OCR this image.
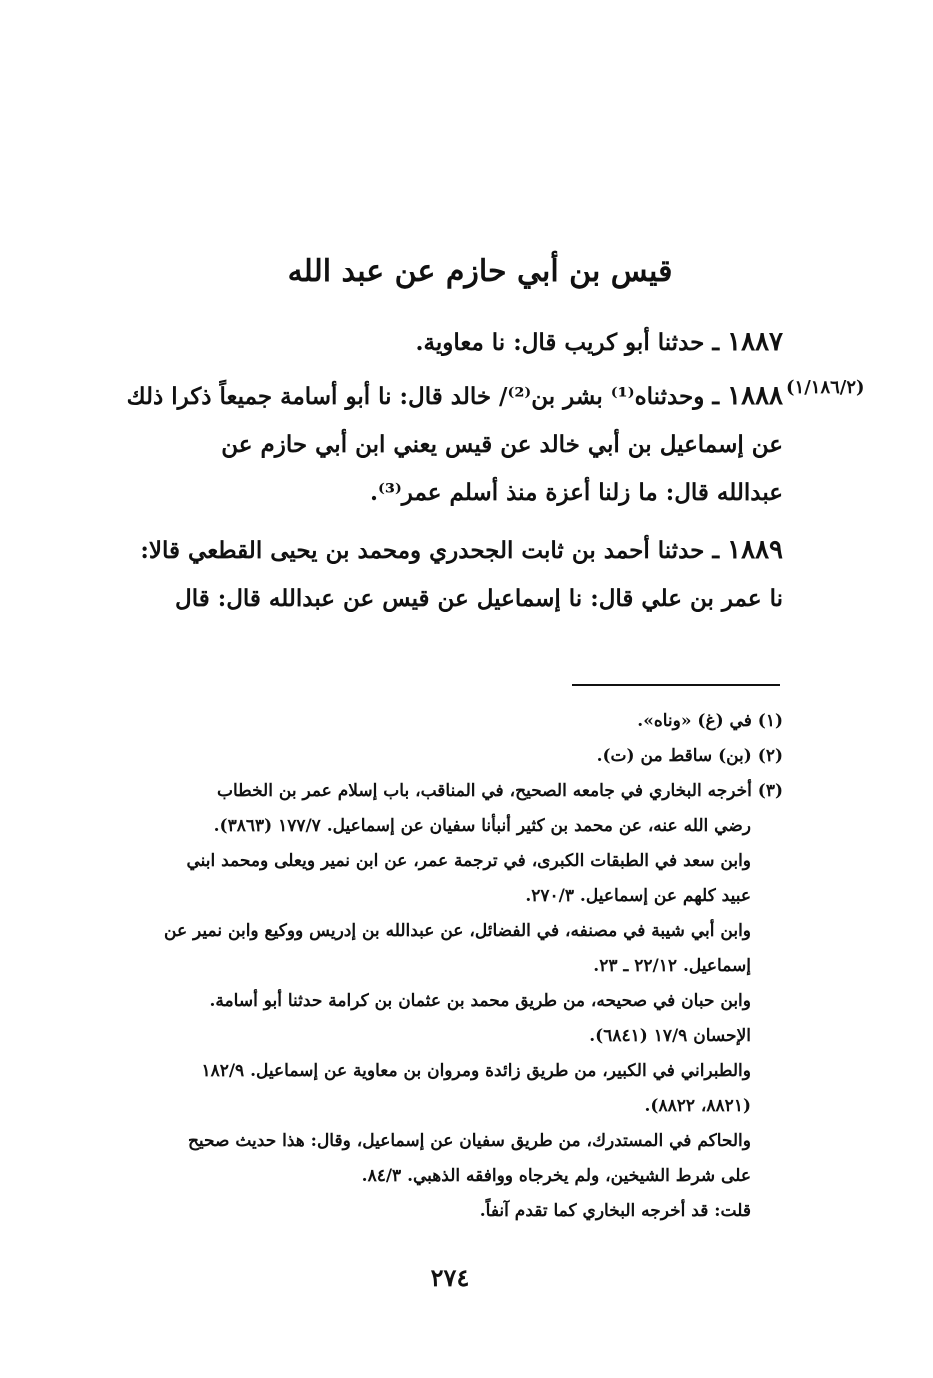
قيس بن أبي حازم عن عبد الله
(١/١٨٦/٢)
١٨٨٧ ـ حدثنا أبو كريب قال: نا معاوية.
١٨٨٨ ـ وحدثناه⁽¹⁾ بشر بن⁽²⁾/ خالد قال: نا أبو أسامة جميعاً ذكرا ذلك
عن إسماعيل بن أبي خالد عن قيس يعني ابن أبي حازم عن
عبدالله قال: ما زلنا أعزة منذ أسلم عمر⁽³⁾.
١٨٨٩ ـ حدثنا أحمد بن ثابت الجحدري ومحمد بن يحيى القطعي قالا:
نا عمر بن علي قال: نا إسماعيل عن قيس عن عبدالله قال: قال
(١) في (غ) «وناه».
(٢) (بن) ساقط من (ت).
(٣) أخرجه البخاري في جامعه الصحيح، في المناقب، باب إسلام عمر بن الخطاب
رضي الله عنه، عن محمد بن كثير أنبأنا سفيان عن إسماعيل. ١٧٧/٧ (٣٨٦٣).
وابن سعد في الطبقات الكبرى، في ترجمة عمر، عن ابن نمير ويعلى ومحمد ابني
عبيد كلهم عن إسماعيل. ٢٧٠/٣.
وابن أبي شيبة في مصنفه، في الفضائل، عن عبدالله بن إدريس ووكيع وابن نمير عن
إسماعيل. ٢٢/١٢ ـ ٢٣.
وابن حبان في صحيحه، من طريق محمد بن عثمان بن كرامة حدثنا أبو أسامة.
الإحسان ١٧/٩ (٦٨٤١).
والطبراني في الكبير، من طريق زائدة ومروان بن معاوية عن إسماعيل. ١٨٢/٩
(٨٨٢١، ٨٨٢٢).
والحاكم في المستدرك، من طريق سفيان عن إسماعيل، وقال: هذا حديث صحيح
على شرط الشيخين، ولم يخرجاه ووافقه الذهبي. ٨٤/٣.
قلت: قد أخرجه البخاري كما تقدم آنفاً.
٢٧٤
